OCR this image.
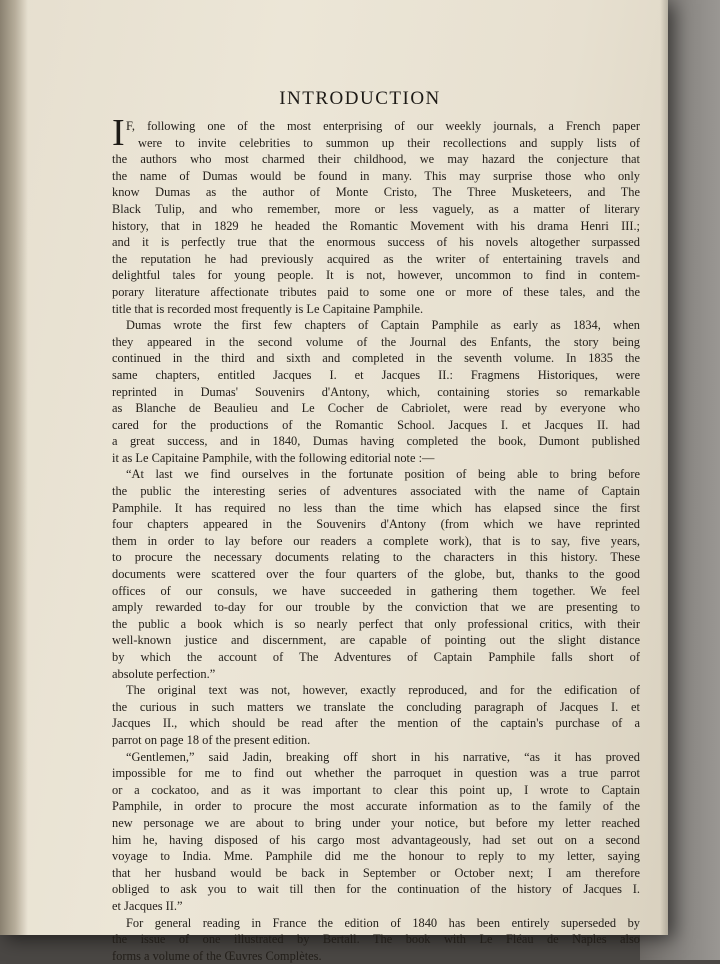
INTRODUCTION
I F, following one of the most enterprising of our weekly journals, a French paper
were to invite celebrities to summon up their recollections and supply lists of
the authors who most charmed their childhood, we may hazard the conjecture that
the name of Dumas would be found in many. This may surprise those who only
know Dumas as the author of Monte Cristo, The Three Musketeers, and The
Black Tulip, and who remember, more or less vaguely, as a matter of literary
history, that in 1829 he headed the Romantic Movement with his drama Henri III.;
and it is perfectly true that the enormous success of his novels altogether surpassed
the reputation he had previously acquired as the writer of entertaining travels and
delightful tales for young people. It is not, however, uncommon to find in contem-
porary literature affectionate tributes paid to some one or more of these tales, and the
title that is recorded most frequently is Le Capitaine Pamphile.
Dumas wrote the first few chapters of Captain Pamphile as early as 1834, when
they appeared in the second volume of the Journal des Enfants, the story being
continued in the third and sixth and completed in the seventh volume. In 1835 the
same chapters, entitled Jacques I. et Jacques II.: Fragmens Historiques, were
reprinted in Dumas' Souvenirs d'Antony, which, containing stories so remarkable
as Blanche de Beaulieu and Le Cocher de Cabriolet, were read by everyone who
cared for the productions of the Romantic School. Jacques I. et Jacques II. had
a great success, and in 1840, Dumas having completed the book, Dumont published
it as Le Capitaine Pamphile, with the following editorial note :—
“At last we find ourselves in the fortunate position of being able to bring before
the public the interesting series of adventures associated with the name of Captain
Pamphile. It has required no less than the time which has elapsed since the first
four chapters appeared in the Souvenirs d'Antony (from which we have reprinted
them in order to lay before our readers a complete work), that is to say, five years,
to procure the necessary documents relating to the characters in this history. These
documents were scattered over the four quarters of the globe, but, thanks to the good
offices of our consuls, we have succeeded in gathering them together. We feel
amply rewarded to-day for our trouble by the conviction that we are presenting to
the public a book which is so nearly perfect that only professional critics, with their
well-known justice and discernment, are capable of pointing out the slight distance
by which the account of The Adventures of Captain Pamphile falls short of
absolute perfection.”
The original text was not, however, exactly reproduced, and for the edification of
the curious in such matters we translate the concluding paragraph of Jacques I. et
Jacques II., which should be read after the mention of the captain's purchase of a
parrot on page 18 of the present edition.
“Gentlemen,” said Jadin, breaking off short in his narrative, “as it has proved
impossible for me to find out whether the parroquet in question was a true parrot
or a cockatoo, and as it was important to clear this point up, I wrote to Captain
Pamphile, in order to procure the most accurate information as to the family of the
new personage we are about to bring under your notice, but before my letter reached
him he, having disposed of his cargo most advantageously, had set out on a second
voyage to India. Mme. Pamphile did me the honour to reply to my letter, saying
that her husband would be back in September or October next; I am therefore
obliged to ask you to wait till then for the continuation of the history of Jacques I.
et Jacques II.”
For general reading in France the edition of 1840 has been entirely superseded by
the issue of one illustrated by Bertall. The book with Le Fléau de Naples also
forms a volume of the Œuvres Complètes.
